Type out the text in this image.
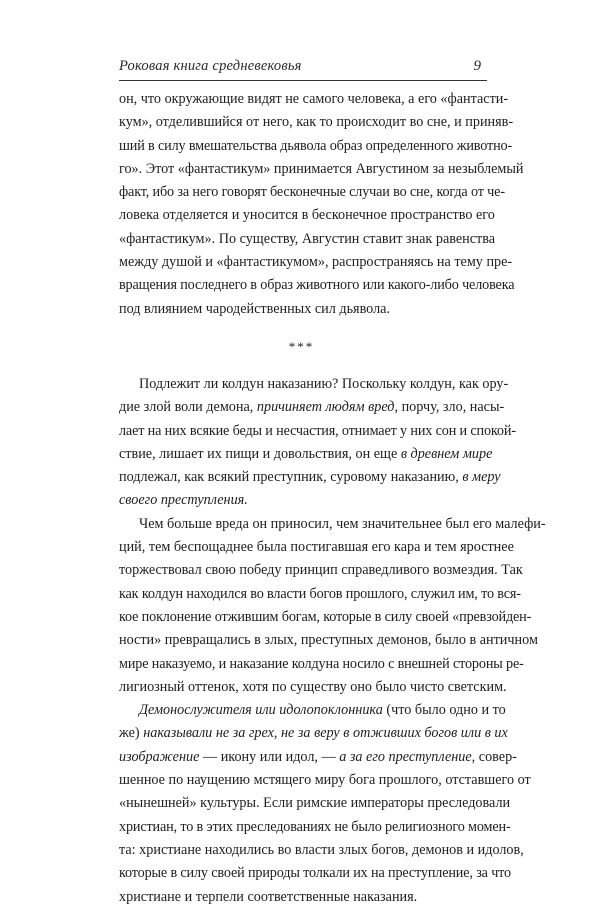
Роковая книга средневековья	9
он, что окружающие видят не самого человека, а его «фантасти-
кум», отделившийся от него, как то происходит во сне, и приняв-
ший в силу вмешательства дьявола образ определенного животно-
го». Этот «фантастикум» принимается Августином за незыблемый
факт, ибо за него говорят бесконечные случаи во сне, когда от че-
ловека отделяется и уносится в бесконечное пространство его
«фантастикум». По существу, Августин ставит знак равенства
между душой и «фантастикумом», распространяясь на тему пре-
вращения последнего в образ животного или какого-либо человека
под влиянием чародейственных сил дьявола.
***
Подлежит ли колдун наказанию? Поскольку колдун, как ору-
дие злой воли демона, причиняет людям вред, порчу, зло, насы-
лает на них всякие беды и несчастия, отнимает у них сон и спокой-
ствие, лишает их пищи и довольствия, он еще в древнем мире
подлежал, как всякий преступник, суровому наказанию, в меру
своего преступления.
Чем больше вреда он приносил, чем значительнее был его малефи-
ций, тем беспощаднее была постигавшая его кара и тем яростнее
торжествовал свою победу принцип справедливого возмездия. Так
как колдун находился во власти богов прошлого, служил им, то вся-
кое поклонение отжившим богам, которые в силу своей «превзойден-
ности» превращались в злых, преступных демонов, было в античном
мире наказуемо, и наказание колдуна носило с внешней стороны ре-
лигиозный оттенок, хотя по существу оно было чисто светским.
Демонослужителя или идолопоклонника (что было одно и то
же) наказывали не за грех, не за веру в отживших богов или в их
изображение — икону или идол, — а за его преступление, совер-
шенное по наущению мстящего миру бога прошлого, отставшего от
«нынешней» культуры. Если римские императоры преследовали
христиан, то в этих преследованиях не было религиозного момен-
та: христиане находились во власти злых богов, демонов и идолов,
которые в силу своей природы толкали их на преступление, за что
христиане и терпели соответственные наказания.
